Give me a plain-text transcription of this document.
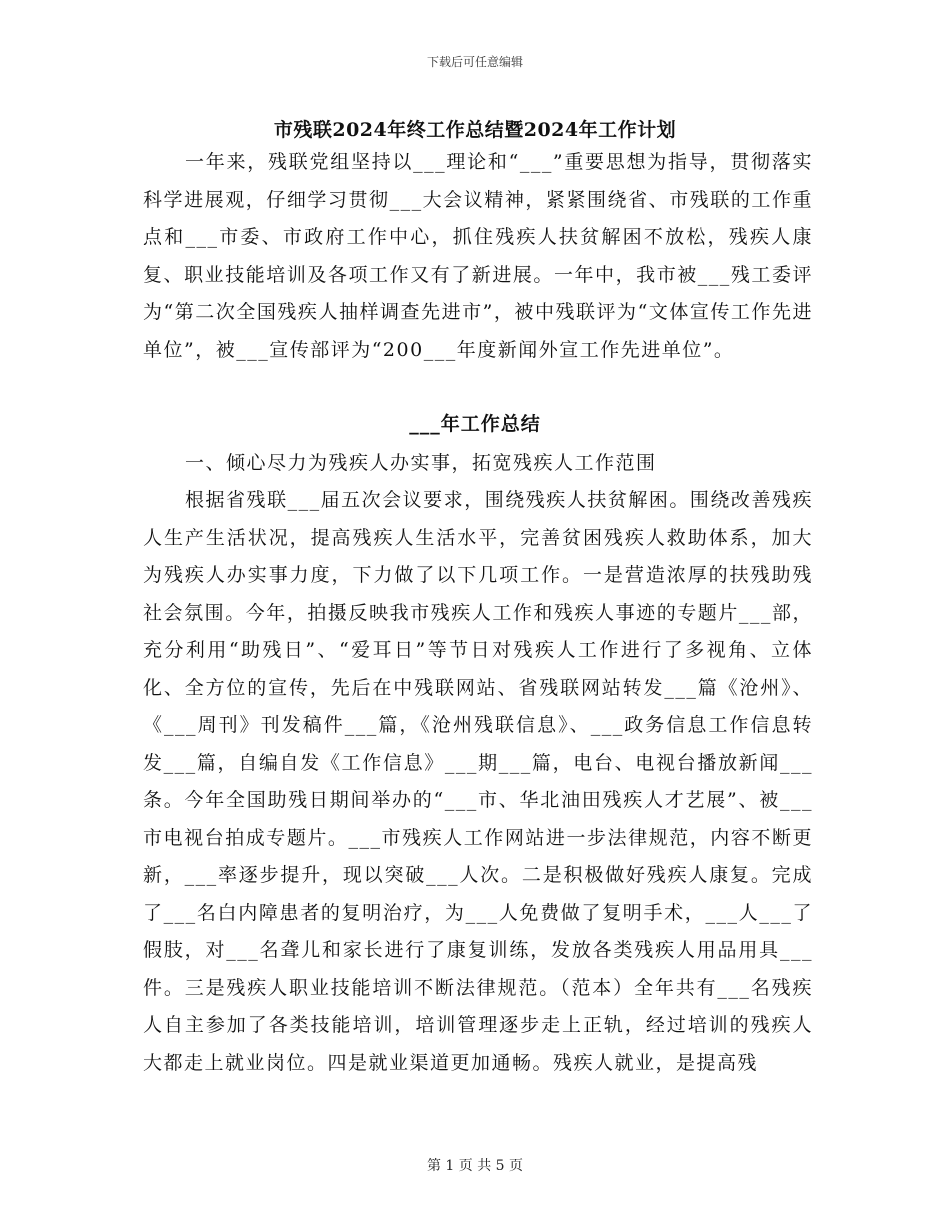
下载后可任意编辑
市残联2024年终工作总结暨2024年工作计划

一年来，残联党组坚持以___理论和“___”重要思想为指导，贯彻落实科学进展观，仔细学习贯彻___大会议精神，紧紧围绕省、市残联的工作重点和___市委、市政府工作中心，抓住残疾人扶贫解困不放松，残疾人康复、职业技能培训及各项工作又有了新进展。一年中，我市被___残工委评为“第二次全国残疾人抽样调查先进市”，被中残联评为“文体宣传工作先进单位”，被___宣传部评为“200___年度新闻外宣工作先进单位”。

___年工作总结

一、倾心尽力为残疾人办实事，拓宽残疾人工作范围

根据省残联___届五次会议要求，围绕残疾人扶贫解困。围绕改善残疾人生产生活状况，提高残疾人生活水平，完善贫困残疾人救助体系，加大为残疾人办实事力度，下力做了以下几项工作。一是营造浓厚的扶残助残社会氛围。今年，拍摄反映我市残疾人工作和残疾人事迹的专题片___部，充分利用“助残日”、“爱耳日”等节日对残疾人工作进行了多视角、立体化、全方位的宣传，先后在中残联网站、省残联网站转发___篇《沧州》、《___周刊》刊发稿件___篇，《沧州残联信息》、___政务信息工作信息转发___篇，自编自发《工作信息》___期___篇，电台、电视台播放新闻___条。今年全国助残日期间举办的“___市、华北油田残疾人才艺展”、被___市电视台拍成专题片。___市残疾人工作网站进一步法律规范，内容不断更新，___率逐步提升，现以突破___人次。二是积极做好残疾人康复。完成了___名白内障患者的复明治疗，为___人免费做了复明手术，___人___了假肢，对___名聋儿和家长进行了康复训练，发放各类残疾人用品用具___件。三是残疾人职业技能培训不断法律规范。（范本）全年共有___名残疾人自主参加了各类技能培训，培训管理逐步走上正轨，经过培训的残疾人大都走上就业岗位。四是就业渠道更加通畅。残疾人就业，是提高残

第 1 页 共 5 页
